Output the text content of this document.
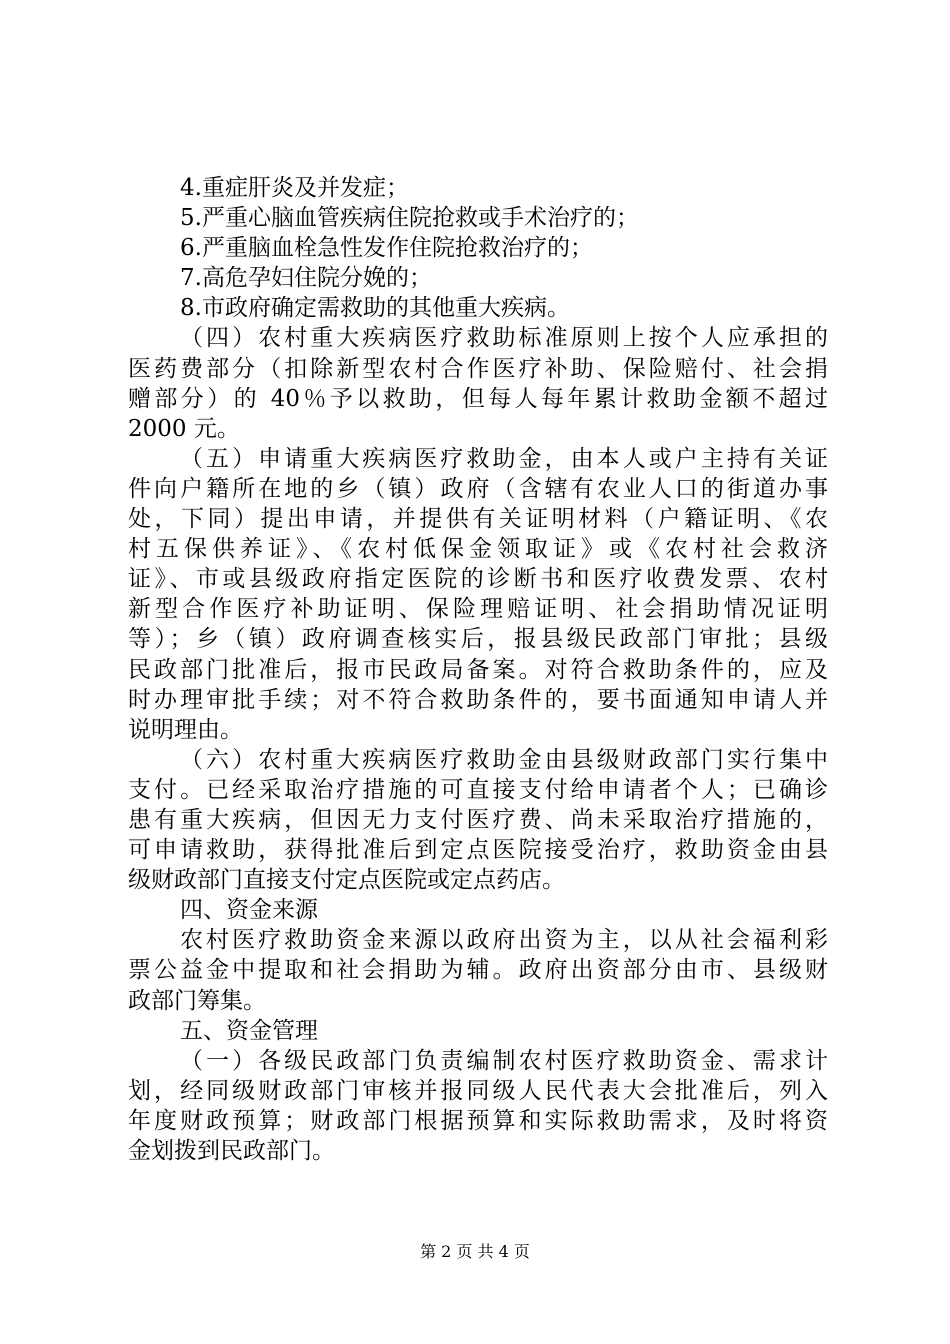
4.重症肝炎及并发症；
5.严重心脑血管疾病住院抢救或手术治疗的；
6.严重脑血栓急性发作住院抢救治疗的；
7.高危孕妇住院分娩的；
8.市政府确定需救助的其他重大疾病。
（四）农村重大疾病医疗救助标准原则上按个人应承担的
医药费部分（扣除新型农村合作医疗补助、保险赔付、社会捐
赠部分）的 40％予以救助，但每人每年累计救助金额不超过
2000 元。
（五）申请重大疾病医疗救助金，由本人或户主持有关证
件向户籍所在地的乡（镇）政府（含辖有农业人口的街道办事
处，下同）提出申请，并提供有关证明材料（户籍证明、《农
村五保供养证》、《农村低保金领取证》或《农村社会救济
证》、市或县级政府指定医院的诊断书和医疗收费发票、农村
新型合作医疗补助证明、保险理赔证明、社会捐助情况证明
等）；乡（镇）政府调查核实后，报县级民政部门审批；县级
民政部门批准后，报市民政局备案。对符合救助条件的，应及
时办理审批手续；对不符合救助条件的，要书面通知申请人并
说明理由。
（六）农村重大疾病医疗救助金由县级财政部门实行集中
支付。已经采取治疗措施的可直接支付给申请者个人；已确诊
患有重大疾病，但因无力支付医疗费、尚未采取治疗措施的，
可申请救助，获得批准后到定点医院接受治疗，救助资金由县
级财政部门直接支付定点医院或定点药店。
四、资金来源
农村医疗救助资金来源以政府出资为主，以从社会福利彩
票公益金中提取和社会捐助为辅。政府出资部分由市、县级财
政部门筹集。
五、资金管理
（一）各级民政部门负责编制农村医疗救助资金、需求计
划，经同级财政部门审核并报同级人民代表大会批准后，列入
年度财政预算；财政部门根据预算和实际救助需求，及时将资
金划拨到民政部门。
第 2 页 共 4 页
